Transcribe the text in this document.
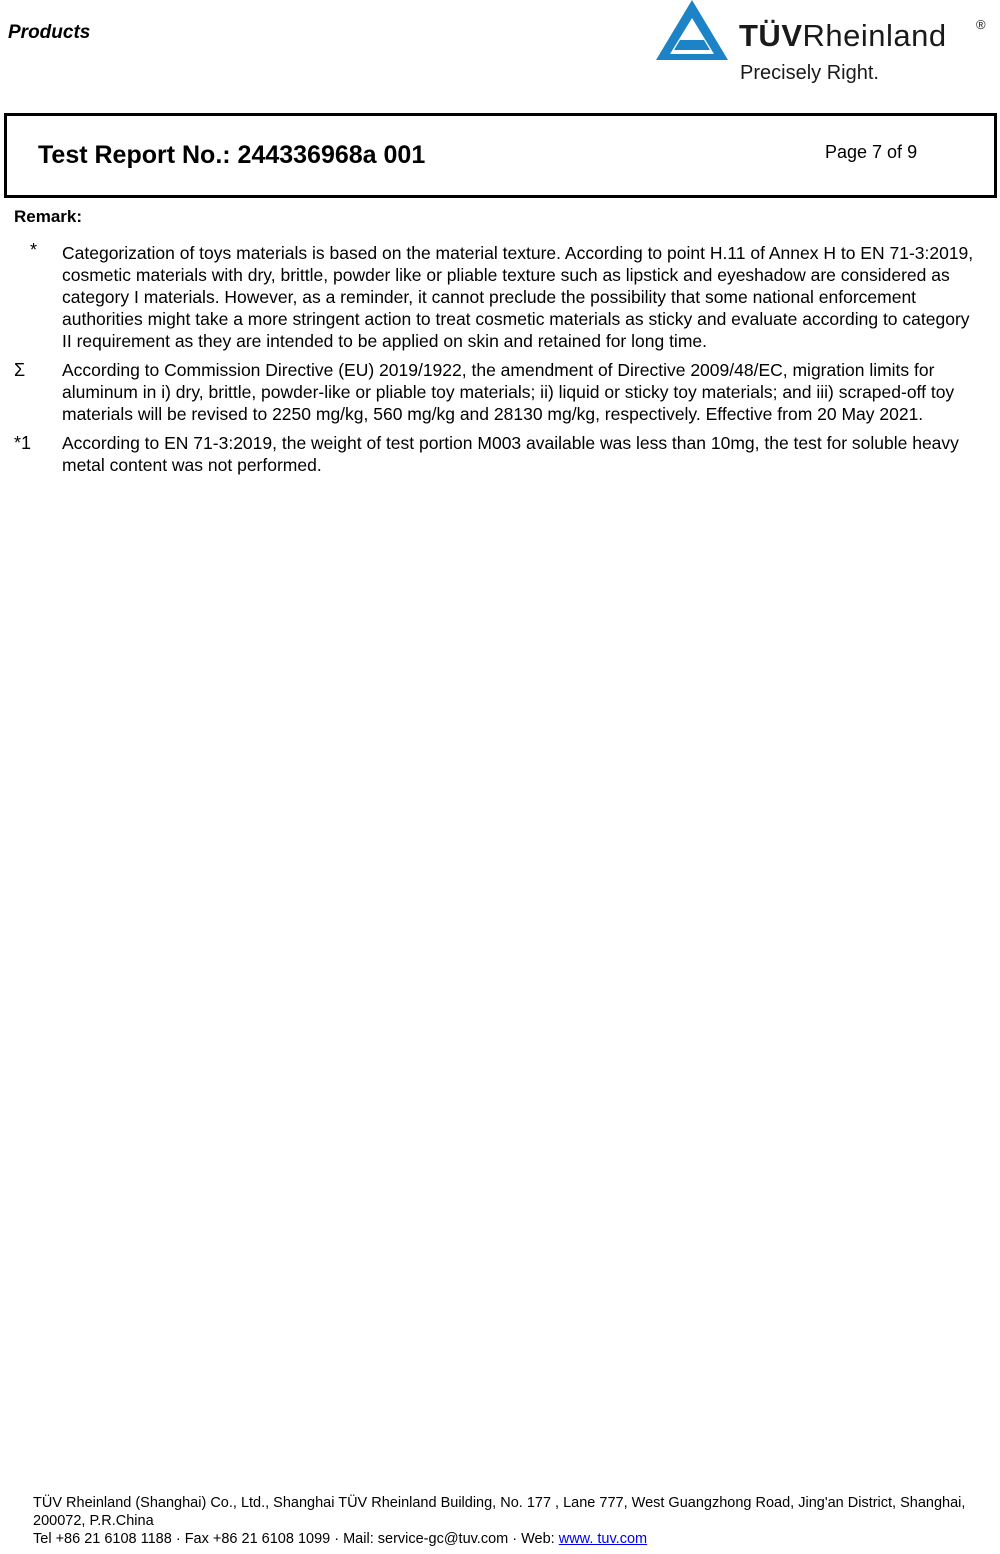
Products	TÜVRheinland ®
Precisely Right.
Test Report No.: 244336968a 001	Page 7 of 9
Remark:
*	Categorization of toys materials is based on the material texture. According to point H.11 of Annex H to EN 71-3:2019, cosmetic materials with dry, brittle, powder like or pliable texture such as lipstick and eyeshadow are considered as category I materials. However, as a reminder, it cannot preclude the possibility that some national enforcement authorities might take a more stringent action to treat cosmetic materials as sticky and evaluate according to category II requirement as they are intended to be applied on skin and retained for long time.
Σ	According to Commission Directive (EU) 2019/1922, the amendment of Directive 2009/48/EC, migration limits for aluminum in i) dry, brittle, powder-like or pliable toy materials; ii) liquid or sticky toy materials; and iii) scraped-off toy materials will be revised to 2250 mg/kg, 560 mg/kg and 28130 mg/kg, respectively. Effective from 20 May 2021.
*1	According to EN 71-3:2019, the weight of test portion M003 available was less than 10mg, the test for soluble heavy metal content was not performed.
TÜV Rheinland (Shanghai) Co., Ltd., Shanghai TÜV Rheinland Building, No. 177 , Lane 777, West Guangzhong Road, Jing'an District, Shanghai, 200072, P.R.China
Tel +86 21 6108 1188 · Fax +86 21 6108 1099 · Mail: service-gc@tuv.com · Web: www. tuv.com
